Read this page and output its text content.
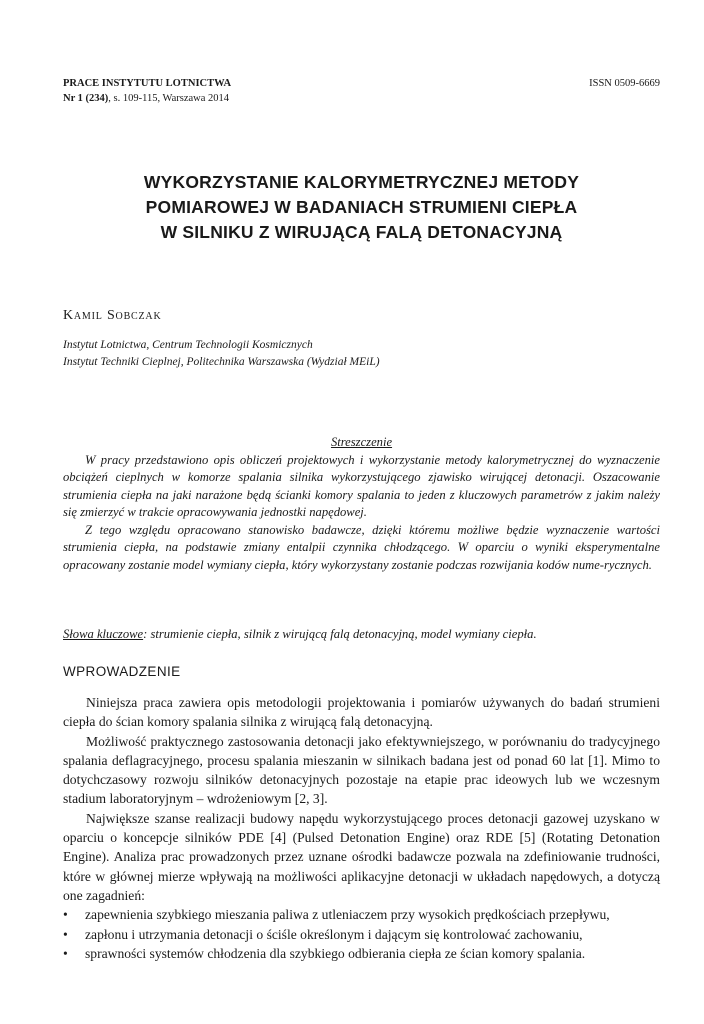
PRACE INSTYTUTU LOTNICTWA
Nr 1 (234), s. 109-115, Warszawa 2014
ISSN 0509-6669
WYKORZYSTANIE KALORYMETRYCZNEJ METODY
POMIAROWEJ W BADANIACH STRUMIENI CIEPŁA
W SILNIKU Z WIRUJĄCĄ FALĄ DETONACYJNĄ
Kamil Sobczak
Instytut Lotnictwa, Centrum Technologii Kosmicznych
Instytut Techniki Cieplnej, Politechnika Warszawska (Wydział MEiL)
Streszczenie

W pracy przedstawiono opis obliczeń projektowych i wykorzystanie metody kalorymetrycznej do wyznaczenie obciążeń cieplnych w komorze spalania silnika wykorzystującego zjawisko wirującej detonacji. Oszacowanie strumienia ciepła na jaki narażone będą ścianki komory spalania to jeden z kluczowych parametrów z jakim należy się zmierzyć w trakcie opracowywania jednostki napędowej.

Z tego względu opracowano stanowisko badawcze, dzięki któremu możliwe będzie wyznaczenie wartości strumienia ciepła, na podstawie zmiany entalpii czynnika chłodzącego. W oparciu o wyniki eksperymentalne opracowany zostanie model wymiany ciepła, który wykorzystany zostanie podczas rozwijania kodów nume-rycznych.

Słowa kluczowe: strumienie ciepła, silnik z wirującą falą detonacyjną, model wymiany ciepła.
WPROWADZENIE

Niniejsza praca zawiera opis metodologii projektowania i pomiarów używanych do badań strumieni ciepła do ścian komory spalania silnika z wirującą falą detonacyjną.

Możliwość praktycznego zastosowania detonacji jako efektywniejszego, w porównaniu do tradycyjnego spalania deflagracyjnego, procesu spalania mieszanin w silnikach badana jest od ponad 60 lat [1]. Mimo to dotychczasowy rozwoju silników detonacyjnych pozostaje na etapie prac ideowych lub we wczesnym stadium laboratoryjnym – wdrożeniowym [2, 3].

Największe szanse realizacji budowy napędu wykorzystującego proces detonacji gazowej uzyskano w oparciu o koncepcje silników PDE [4] (Pulsed Detonation Engine) oraz RDE [5] (Rotating Detonation Engine). Analiza prac prowadzonych przez uznane ośrodki badawcze pozwala na zdefiniowanie trudności, które w głównej mierze wpływają na możliwości aplikacyjne detonacji w układach napędowych, a dotyczą one zagadnień:

• zapewnienia szybkiego mieszania paliwa z utleniaczem przy wysokich prędkościach przepływu,
• zapłonu i utrzymania detonacji o ściśle określonym i dającym się kontrolować zachowaniu,
• sprawności systemów chłodzenia dla szybkiego odbierania ciepła ze ścian komory spalania.
